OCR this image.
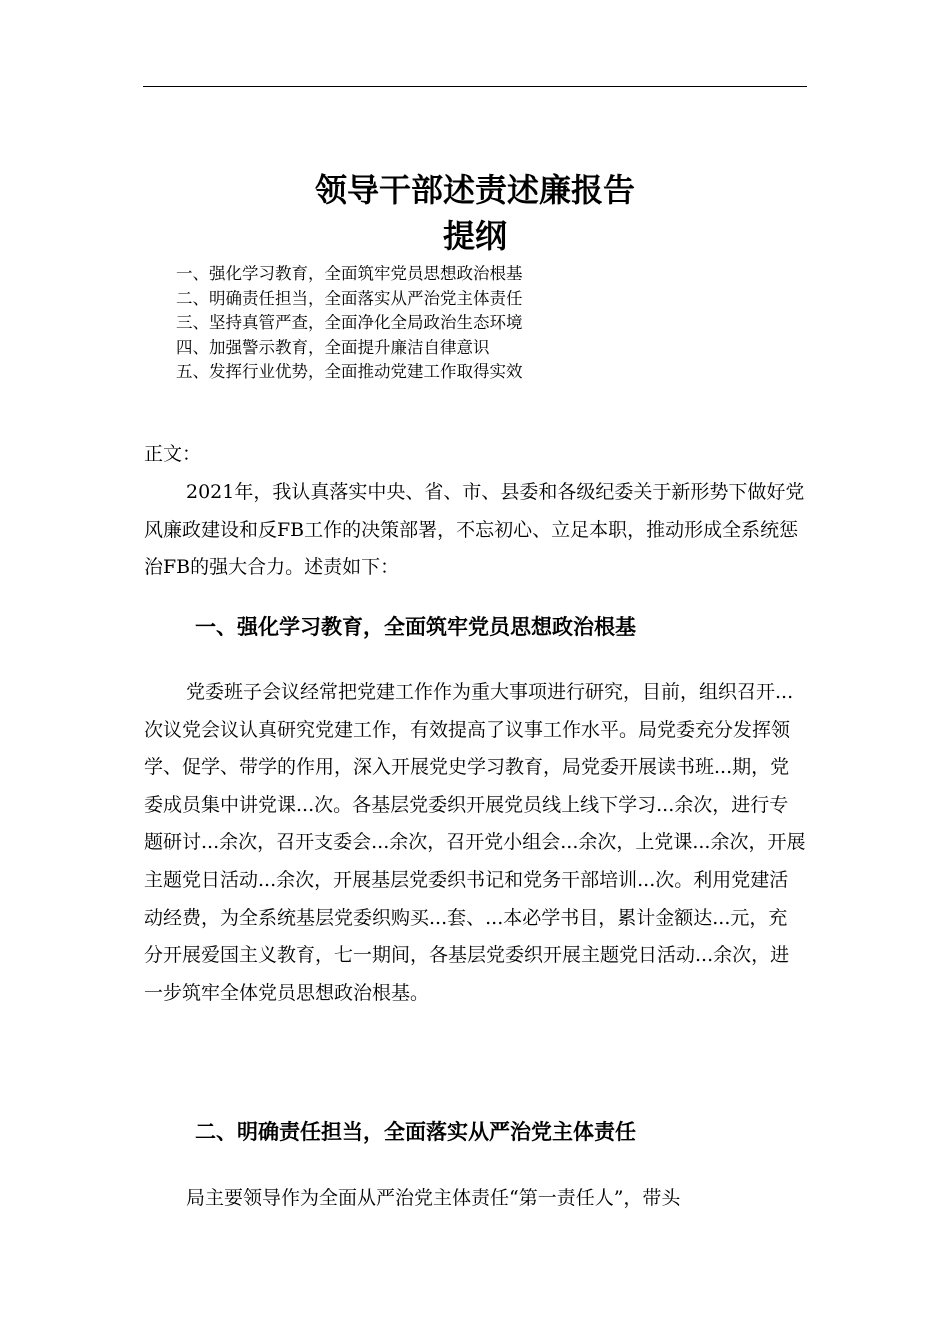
领导干部述责述廉报告
提纲
一、强化学习教育，全面筑牢党员思想政治根基
二、明确责任担当，全面落实从严治党主体责任
三、坚持真管严查，全面净化全局政治生态环境
四、加强警示教育，全面提升廉洁自律意识
五、发挥行业优势，全面推动党建工作取得实效

正文：

2021年，我认真落实中央、省、市、县委和各级纪委关于新形势下做好党风廉政建设和反FB工作的决策部署，不忘初心、立足本职，推动形成全系统惩治FB的强大合力。述责如下：

一、强化学习教育，全面筑牢党员思想政治根基

党委班子会议经常把党建工作作为重大事项进行研究，目前，组织召开...次议党会议认真研究党建工作，有效提高了议事工作水平。局党委充分发挥领学、促学、带学的作用，深入开展党史学习教育，局党委开展读书班...期，党委成员集中讲党课...次。各基层党委织开展党员线上线下学习...余次，进行专题研讨...余次，召开支委会...余次，召开党小组会...余次，上党课...余次，开展主题党日活动...余次，开展基层党委织书记和党务干部培训...次。利用党建活动经费，为全系统基层党委织购买...套、...本必学书目，累计金额达...元，充分开展爱国主义教育，七一期间，各基层党委织开展主题党日活动...余次，进一步筑牢全体党员思想政治根基。

二、明确责任担当，全面落实从严治党主体责任

局主要领导作为全面从严治党主体责任“第一责任人”，带头
